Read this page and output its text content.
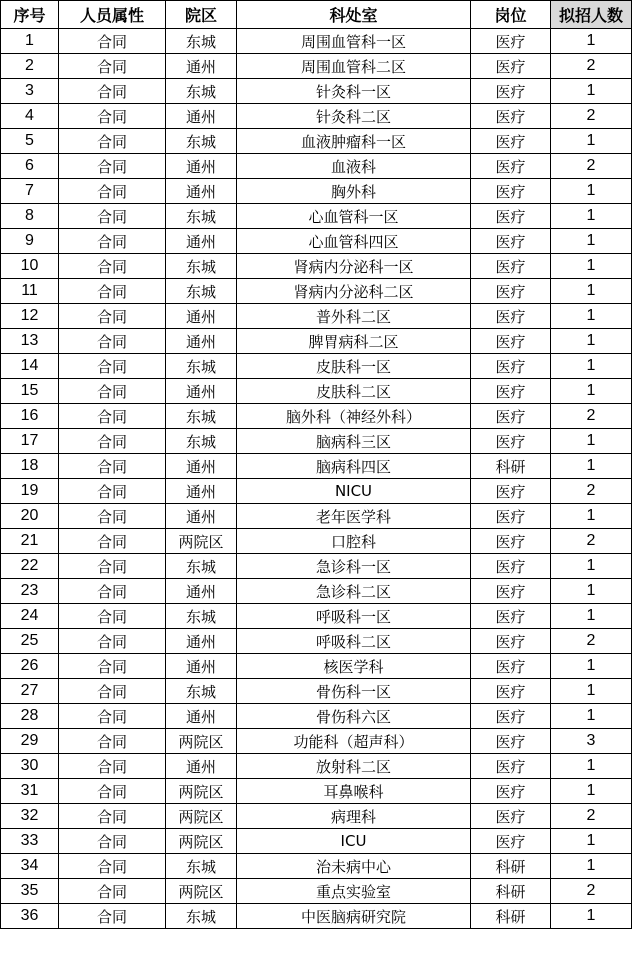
序号	人员属性	院区	科处室	岗位	拟招人数
1	合同	东城	周围血管科一区	医疗	1
2	合同	通州	周围血管科二区	医疗	2
3	合同	东城	针灸科一区	医疗	1
4	合同	通州	针灸科二区	医疗	2
5	合同	东城	血液肿瘤科一区	医疗	1
6	合同	通州	血液科	医疗	2
7	合同	通州	胸外科	医疗	1
8	合同	东城	心血管科一区	医疗	1
9	合同	通州	心血管科四区	医疗	1
10	合同	东城	肾病内分泌科一区	医疗	1
11	合同	东城	肾病内分泌科二区	医疗	1
12	合同	通州	普外科二区	医疗	1
13	合同	通州	脾胃病科二区	医疗	1
14	合同	东城	皮肤科一区	医疗	1
15	合同	通州	皮肤科二区	医疗	1
16	合同	东城	脑外科（神经外科）	医疗	2
17	合同	东城	脑病科三区	医疗	1
18	合同	通州	脑病科四区	科研	1
19	合同	通州	NICU	医疗	2
20	合同	通州	老年医学科	医疗	1
21	合同	两院区	口腔科	医疗	2
22	合同	东城	急诊科一区	医疗	1
23	合同	通州	急诊科二区	医疗	1
24	合同	东城	呼吸科一区	医疗	1
25	合同	通州	呼吸科二区	医疗	2
26	合同	通州	核医学科	医疗	1
27	合同	东城	骨伤科一区	医疗	1
28	合同	通州	骨伤科六区	医疗	1
29	合同	两院区	功能科（超声科）	医疗	3
30	合同	通州	放射科二区	医疗	1
31	合同	两院区	耳鼻喉科	医疗	1
32	合同	两院区	病理科	医疗	2
33	合同	两院区	ICU	医疗	1
34	合同	东城	治未病中心	科研	1
35	合同	两院区	重点实验室	科研	2
36	合同	东城	中医脑病研究院	科研	1
